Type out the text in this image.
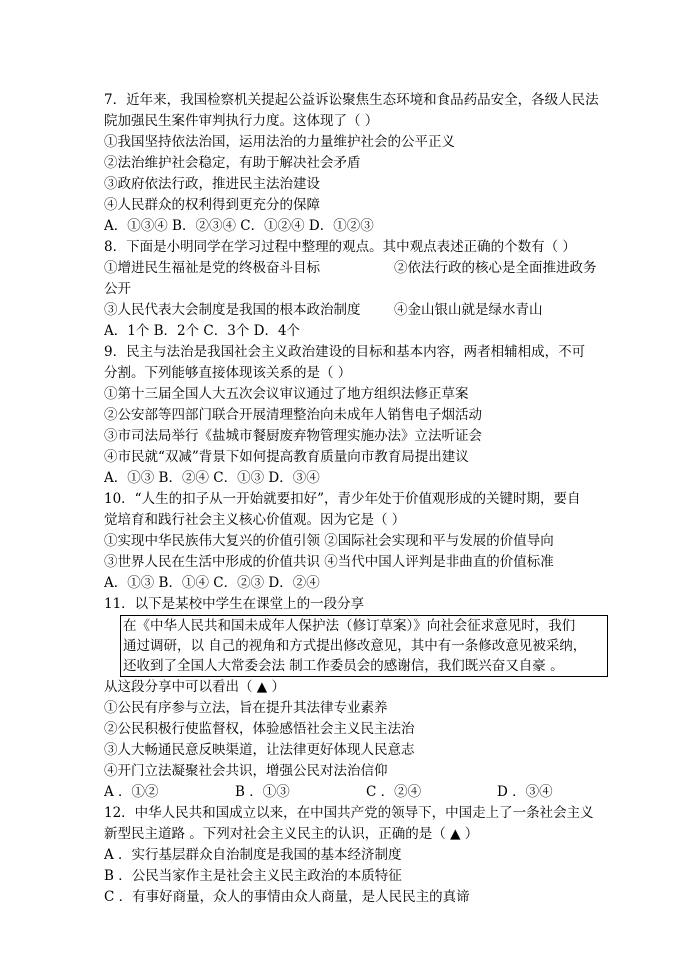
7．近年来，我国检察机关提起公益诉讼聚焦生态环境和食品药品安全，各级人民法
院加强民生案件审判执行力度。这体现了（ ）
①我国坚持依法治国，运用法治的力量维护社会的公平正义
②法治维护社会稳定，有助于解决社会矛盾
③政府依法行政，推进民主法治建设
④人民群众的权利得到更充分的保障
A．①③④ B．②③④ C．①②④ D．①②③
8．下面是小明同学在学习过程中整理的观点。其中观点表述正确的个数有（ ）
①增进民生福祉是党的终极奋斗目标	②依法行政的核心是全面推进政务
公开
③人民代表大会制度是我国的根本政治制度	④金山银山就是绿水青山
A．1个 B．2个 C．3个 D．4个
9．民主与法治是我国社会主义政治建设的目标和基本内容，两者相辅相成，不可
分割。下列能够直接体现该关系的是（ ）
①第十三届全国人大五次会议审议通过了地方组织法修正草案
②公安部等四部门联合开展清理整治向未成年人销售电子烟活动
③市司法局举行《盐城市餐厨废弃物管理实施办法》立法听证会
④市民就“双减”背景下如何提高教育质量向市教育局提出建议
A．①③ B．②④ C．①③ D．③④
10．“人生的扣子从一开始就要扣好”，青少年处于价值观形成的关键时期，要自
觉培育和践行社会主义核心价值观。因为它是（ ）
①实现中华民族伟大复兴的价值引领 ②国际社会实现和平与发展的价值导向
③世界人民在生活中形成的价值共识 ④当代中国人评判是非曲直的价值标准
A．①③ B．①④ C．②③ D．②④
11．以下是某校中学生在课堂上的一段分享
在《中华人民共和国未成年人保护法（修订草案）》向社会征求意见时，我们
通过调研，以 自己的视角和方式提出修改意见，其中有一条修改意见被采纳，
还收到了全国人大常委会法 制工作委员会的感谢信，我们既兴奋又自豪 。
从这段分享中可以看出（ ▲ ）
①公民有序参与立法，旨在提升其法律专业素养
②公民积极行使监督权，体验感悟社会主义民主法治
③人大畅通民意反映渠道，让法律更好体现人民意志
④开门立法凝聚社会共识，增强公民对法治信仰
A ．①②	B ．①③	C ．②④	D ．③④
12．中华人民共和国成立以来，在中国共产党的领导下，中国走上了一条社会主义
新型民主道路 。下列对社会主义民主的认识，正确的是（ ▲ ）
A ．实行基层群众自治制度是我国的基本经济制度
B ．公民当家作主是社会主义民主政治的本质特征
C ．有事好商量，众人的事情由众人商量，是人民民主的真谛
